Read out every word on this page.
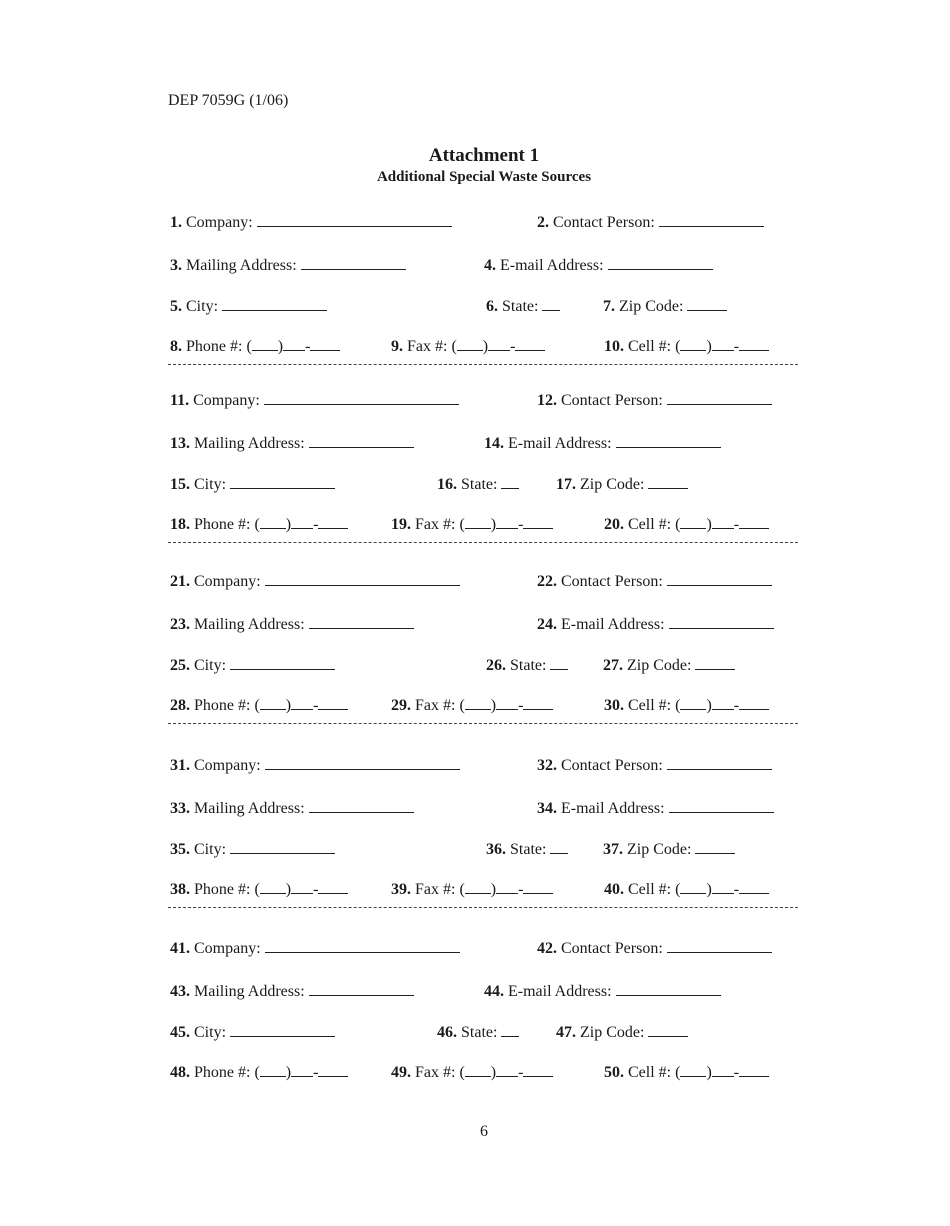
DEP 7059G (1/06)
Attachment 1
Additional Special Waste Sources
1. Company:	2. Contact Person:
3. Mailing Address:	4. E-mail Address:
5. City:	6. State:	7. Zip Code:
8. Phone #: ( ) -	9. Fax #: ( ) -	10. Cell #: ( ) -
11. Company:	12. Contact Person:
13. Mailing Address:	14. E-mail Address:
15. City:	16. State:	17. Zip Code:
18. Phone #: ( ) -	19. Fax #: ( ) -	20. Cell #: ( ) -
21. Company:	22. Contact Person:
23. Mailing Address:	24. E-mail Address:
25. City:	26. State:	27. Zip Code:
28. Phone #: ( ) -	29. Fax #: ( ) -	30. Cell #: ( ) -
31. Company:	32. Contact Person:
33. Mailing Address:	34. E-mail Address:
35. City:	36. State:	37. Zip Code:
38. Phone #: ( ) -	39. Fax #: ( ) -	40. Cell #: ( ) -
41. Company:	42. Contact Person:
43. Mailing Address:	44. E-mail Address:
45. City:	46. State:	47. Zip Code:
48. Phone #: ( ) -	49. Fax #: ( ) -	50. Cell #: ( ) -
6
